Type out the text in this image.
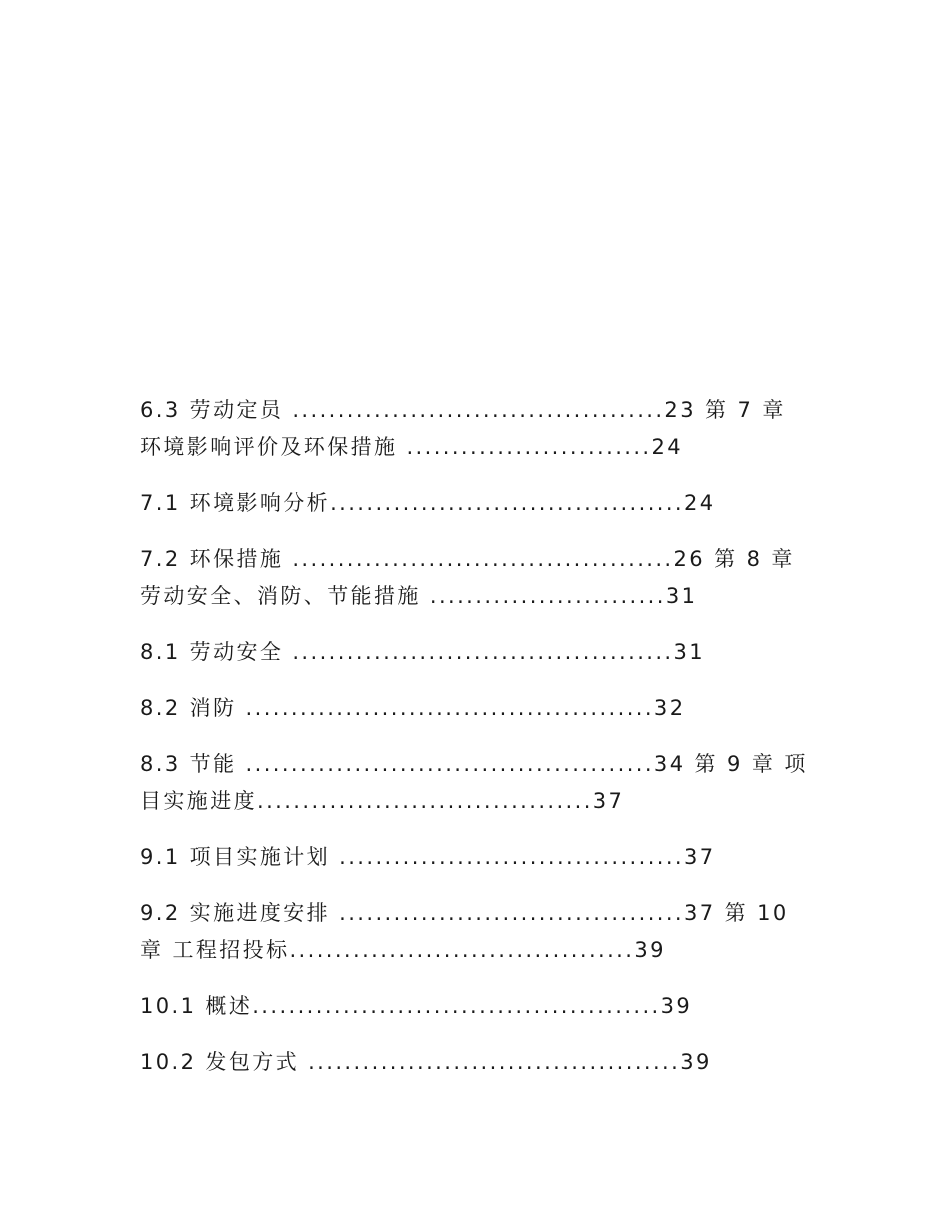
6.3 劳动定员 .........................................23 第 7 章 环境影响评价及环保措施 ...........................24

7.1 环境影响分析.......................................24

7.2 环保措施 ..........................................26 第 8 章 劳动安全、消防、节能措施 ..........................31

8.1 劳动安全 ..........................................31

8.2 消防 .............................................32

8.3 节能 .............................................34 第 9 章 项目实施进度.....................................37

9.1 项目实施计划 ......................................37

9.2 实施进度安排 ......................................37 第 10 章 工程招投标......................................39

10.1 概述.............................................39

10.2 发包方式 .........................................39
